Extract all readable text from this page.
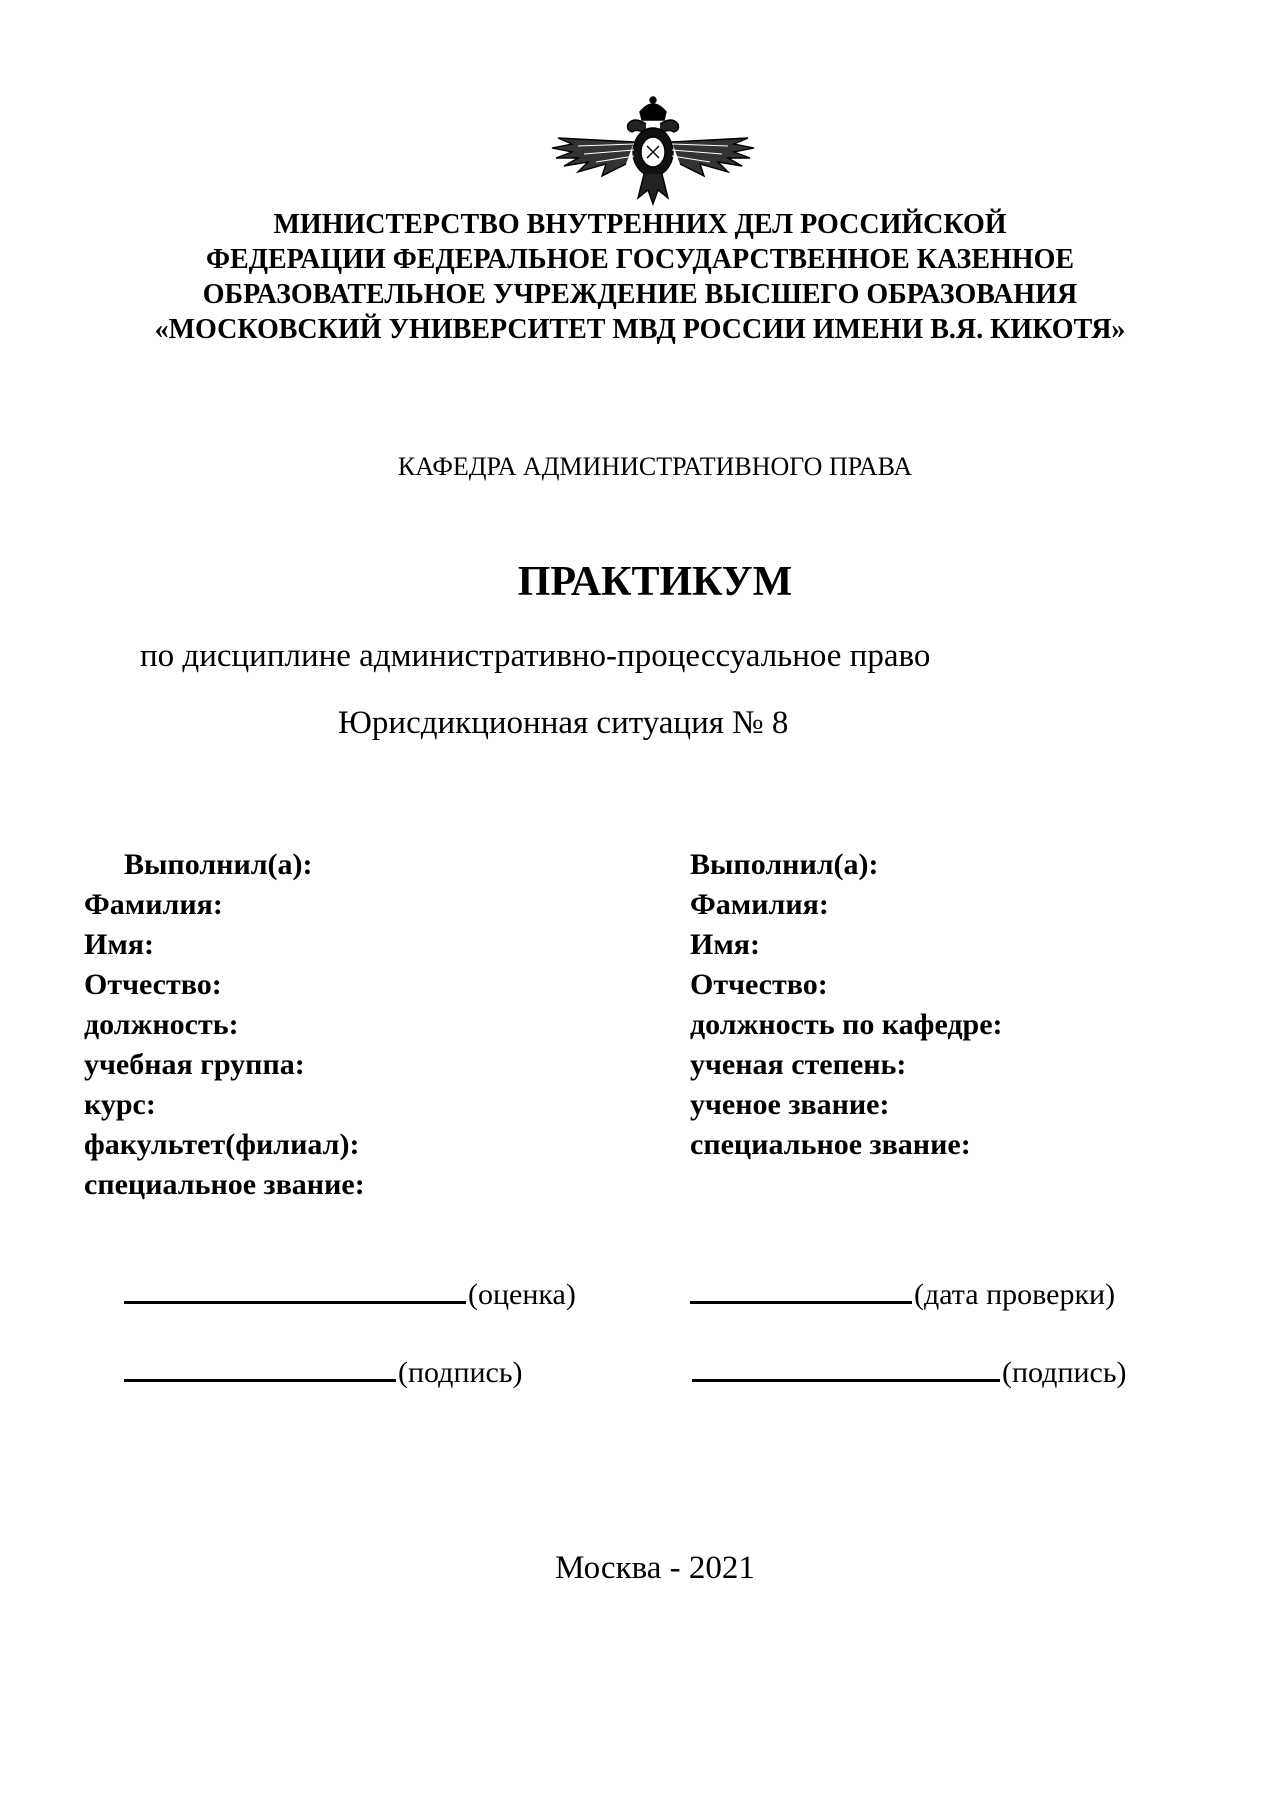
МИНИСТЕРСТВО ВНУТРЕННИХ ДЕЛ РОССИЙСКОЙ
ФЕДЕРАЦИИ ФЕДЕРАЛЬНОЕ ГОСУДАРСТВЕННОЕ КАЗЕННОЕ
ОБРАЗОВАТЕЛЬНОЕ УЧРЕЖДЕНИЕ ВЫСШЕГО ОБРАЗОВАНИЯ
«МОСКОВСКИЙ УНИВЕРСИТЕТ МВД РОССИИ ИМЕНИ В.Я. КИКОТЯ»
КАФЕДРА АДМИНИСТРАТИВНОГО ПРАВА
ПРАКТИКУМ
по дисциплине административно-процессуальное право
Юрисдикционная ситуация № 8
Выполнил(а):
Фамилия:
Имя:
Отчество:
должность:
учебная группа:
курс:
факультет(филиал):
специальное звание:
Выполнил(а):
Фамилия:
Имя:
Отчество:
должность по кафедре:
ученая степень:
ученое звание:
специальное звание:
(оценка)	(дата проверки)
(подпись)	(подпись)
Москва - 2021
